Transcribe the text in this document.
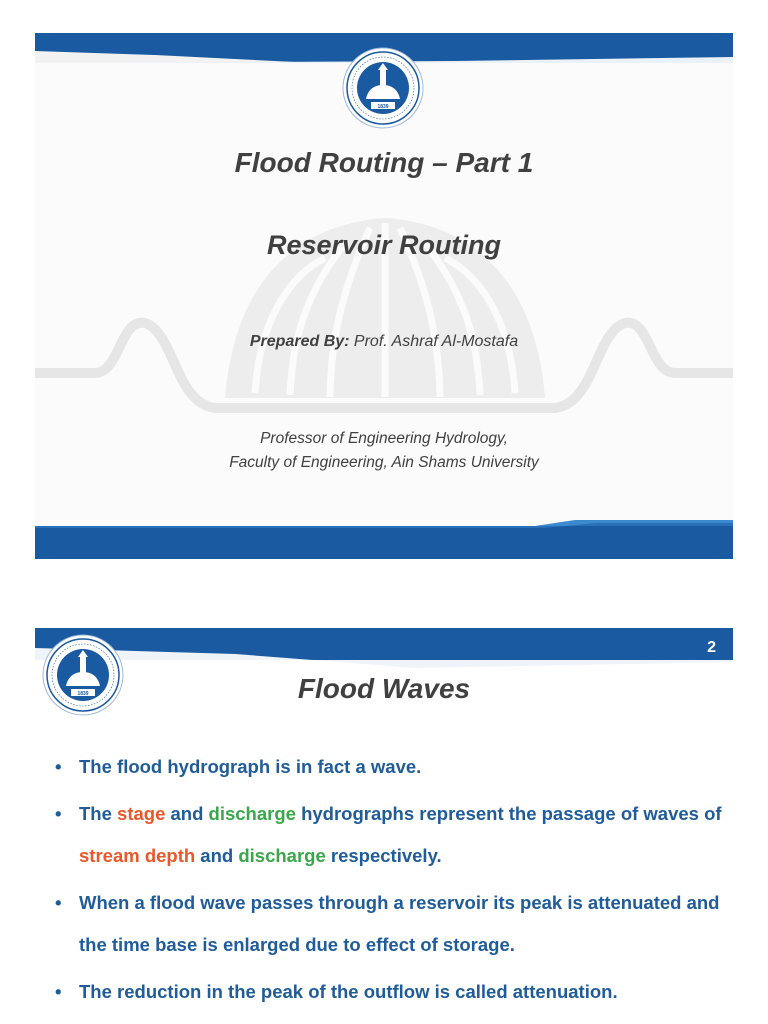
1839
Flood Routing – Part 1
Reservoir Routing
Prepared By: Prof. Ashraf Al-Mostafa
Professor of Engineering Hydrology,
Faculty of Engineering, Ain Shams University
2
1839	Flood Waves
• The flood hydrograph is in fact a wave.
• The stage and discharge hydrographs represent the passage of waves of stream depth and discharge respectively.
• When a flood wave passes through a reservoir its peak is attenuated and the time base is enlarged due to effect of storage.
• The reduction in the peak of the outflow is called attenuation.
